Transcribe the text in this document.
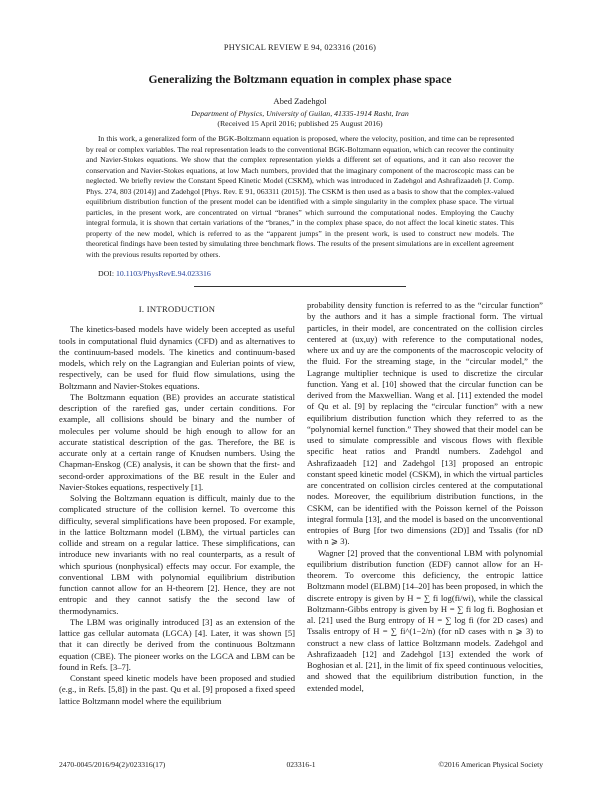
PHYSICAL REVIEW E 94, 023316 (2016)
Generalizing the Boltzmann equation in complex phase space
Abed Zadehgol
Department of Physics, University of Guilan, 41335-1914 Rasht, Iran
(Received 15 April 2016; published 25 August 2016)
In this work, a generalized form of the BGK-Boltzmann equation is proposed, where the velocity, position, and time can be represented by real or complex variables. The real representation leads to the conventional BGK-Boltzmann equation, which can recover the continuity and Navier-Stokes equations. We show that the complex representation yields a different set of equations, and it can also recover the conservation and Navier-Stokes equations, at low Mach numbers, provided that the imaginary component of the macroscopic mass can be neglected. We briefly review the Constant Speed Kinetic Model (CSKM), which was introduced in Zadehgol and Ashrafizaadeh [J. Comp. Phys. 274, 803 (2014)] and Zadehgol [Phys. Rev. E 91, 063311 (2015)]. The CSKM is then used as a basis to show that the complex-valued equilibrium distribution function of the present model can be identified with a simple singularity in the complex phase space. The virtual particles, in the present work, are concentrated on virtual “branes” which surround the computational nodes. Employing the Cauchy integral formula, it is shown that certain variations of the “branes,” in the complex phase space, do not affect the local kinetic states. This property of the new model, which is referred to as the “apparent jumps” in the present work, is used to construct new models. The theoretical findings have been tested by simulating three benchmark flows. The results of the present simulations are in excellent agreement with the previous results reported by others.
DOI: 10.1103/PhysRevE.94.023316
I. INTRODUCTION

The kinetics-based models have widely been accepted as useful tools in computational fluid dynamics (CFD) and as alternatives to the continuum-based models. The kinetics and continuum-based models, which rely on the Lagrangian and Eulerian points of view, respectively, can be used for fluid flow simulations, using the Boltzmann and Navier-Stokes equations.

The Boltzmann equation (BE) provides an accurate statistical description of the rarefied gas, under certain conditions. For example, all collisions should be binary and the number of molecules per volume should be high enough to allow for an accurate statistical description of the gas. Therefore, the BE is accurate only at a certain range of Knudsen numbers. Using the Chapman-Enskog (CE) analysis, it can be shown that the first- and second-order approximations of the BE result in the Euler and Navier-Stokes equations, respectively [1].

Solving the Boltzmann equation is difficult, mainly due to the complicated structure of the collision kernel. To overcome this difficulty, several simplifications have been proposed. For example, in the lattice Boltzmann model (LBM), the virtual particles can collide and stream on a regular lattice. These simplifications, can introduce new invariants with no real counterparts, as a result of which spurious (nonphysical) effects may occur. For example, the conventional LBM with polynomial equilibrium distribution function cannot allow for an H-theorem [2]. Hence, they are not entropic and they cannot satisfy the the second law of thermodynamics.

The LBM was originally introduced [3] as an extension of the lattice gas cellular automata (LGCA) [4]. Later, it was shown [5] that it can directly be derived from the continuous Boltzmann equation (CBE). The pioneer works on the LGCA and LBM can be found in Refs. [3–7].

Constant speed kinetic models have been proposed and studied (e.g., in Refs. [5,8]) in the past. Qu et al. [9] proposed a fixed speed lattice Boltzmann model where the equilibrium

probability density function is referred to as the “circular function” by the authors and it has a simple fractional form. The virtual particles, in their model, are concentrated on the collision circles centered at (ux,uy) with reference to the computational nodes, where ux and uy are the components of the macroscopic velocity of the fluid. For the streaming stage, in the “circular model,” the Lagrange multiplier technique is used to discretize the circular function. Yang et al. [10] showed that the circular function can be derived from the Maxwellian. Wang et al. [11] extended the model of Qu et al. [9] by replacing the “circular function” with a new equilibrium distribution function which they referred to as the “polynomial kernel function.” They showed that their model can be used to simulate compressible and viscous flows with flexible specific heat ratios and Prandtl numbers. Zadehgol and Ashrafizaadeh [12] and Zadehgol [13] proposed an entropic constant speed kinetic model (CSKM), in which the virtual particles are concentrated on collision circles centered at the computational nodes. Moreover, the equilibrium distribution functions, in the CSKM, can be identified with the Poisson kernel of the Poisson integral formula [13], and the model is based on the unconventional entropies of Burg [for two dimensions (2D)] and Tssalis (for nD with n ⩾ 3).

Wagner [2] proved that the conventional LBM with polynomial equilibrium distribution function (EDF) cannot allow for an H-theorem. To overcome this deficiency, the entropic lattice Boltzmann model (ELBM) [14–20] has been proposed, in which the discrete entropy is given by H = ∑ fi log(fi/wi), while the classical Boltzmann-Gibbs entropy is given by H = ∑ fi log fi. Boghosian et al. [21] used the Burg entropy of H = ∑ log fi (for 2D cases) and Tssalis entropy of H = ∑ fi^(1−2/n) (for nD cases with n ⩾ 3) to construct a new class of lattice Boltzmann models. Zadehgol and Ashrafizaadeh [12] and Zadehgol [13] extended the work of Boghosian et al. [21], in the limit of fix speed continuous velocities, and showed that the equilibrium distribution function, in the extended model,

2470-0045/2016/94(2)/023316(17)	023316-1	©2016 American Physical Society
